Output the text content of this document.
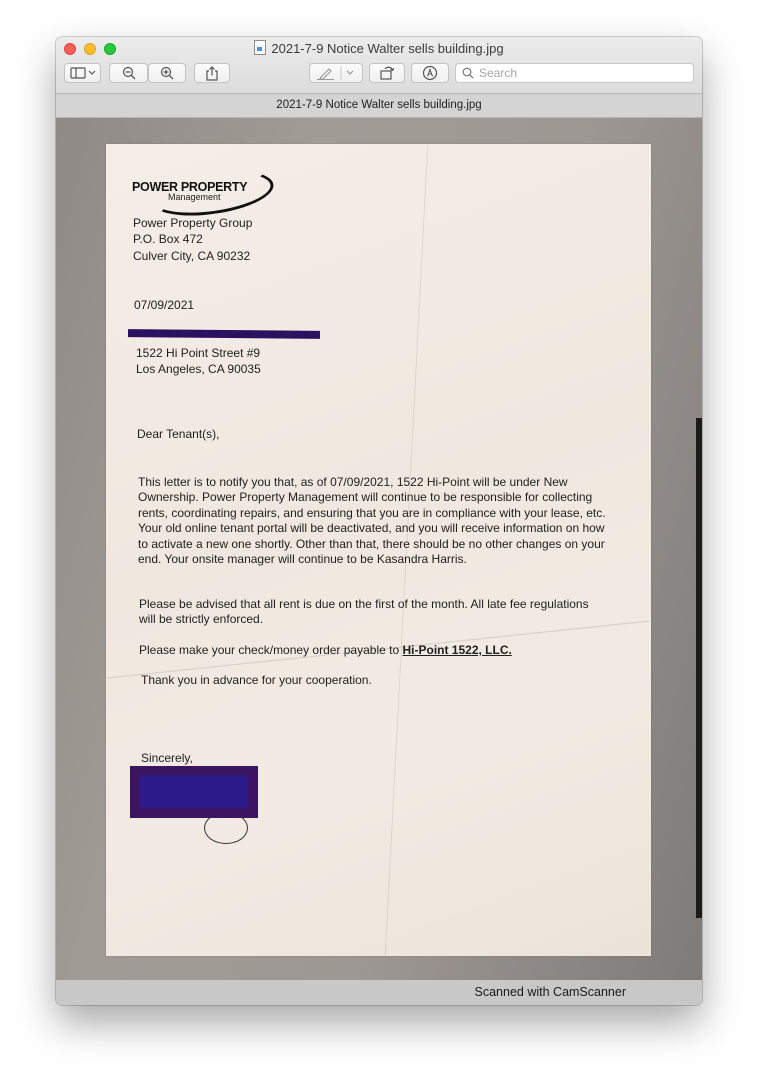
2021-7-9 Notice Walter sells building.jpg
Search
2021-7-9 Notice Walter sells building.jpg
POWER PROPERTY
Management
Power Property Group
P.O. Box 472
Culver City, CA 90232
07/09/2021
1522 Hi Point Street #9
Los Angeles, CA 90035
Dear Tenant(s),
This letter is to notify you that, as of 07/09/2021, 1522 Hi-Point will be under New
Ownership. Power Property Management will continue to be responsible for collecting
rents, coordinating repairs, and ensuring that you are in compliance with your lease, etc.
Your old online tenant portal will be deactivated, and you will receive information on how
to activate a new one shortly. Other than that, there should be no other changes on your
end. Your onsite manager will continue to be Kasandra Harris.
Please be advised that all rent is due on the first of the month. All late fee regulations
will be strictly enforced.
Please make your check/money order payable to Hi-Point 1522, LLC.
Thank you in advance for your cooperation.
Sincerely,
Scanned with CamScanner
